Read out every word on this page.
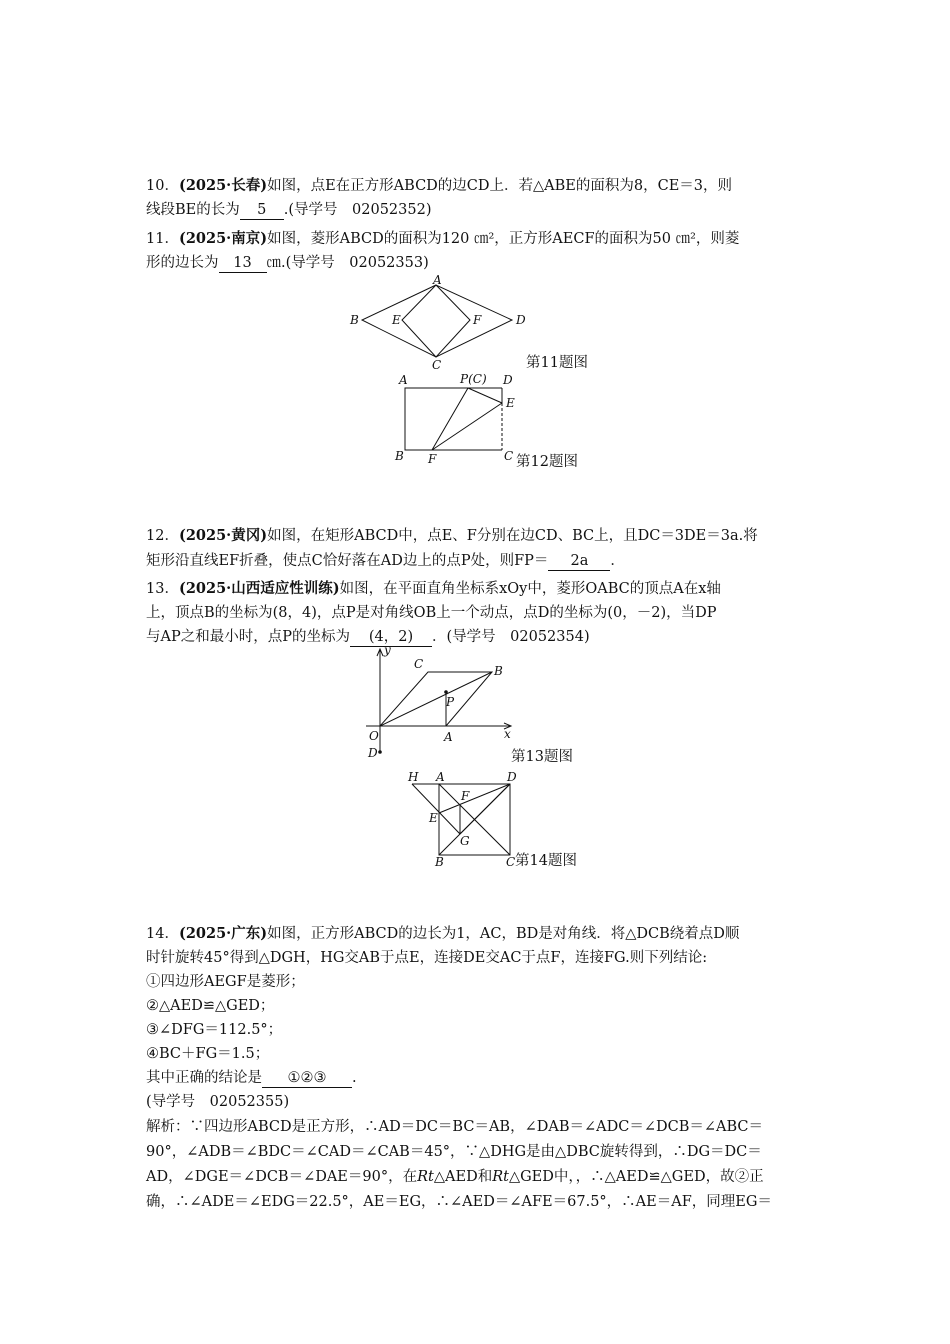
10．(2025·长春)如图，点E在正方形ABCD的边CD上．若△ABE的面积为8，CE＝3，则
线段BE的长为 5 .(导学号　02052352)
11．(2025·南京)如图，菱形ABCD的面积为120 ㎝²，正方形AECF的面积为50 ㎝²，则菱
形的边长为 13 ㎝.(导学号　02052353)
A
B	E	F	D
C	第11题图
A	P(C) D
E
B F	C 第12题图
12．(2025·黄冈)如图，在矩形ABCD中，点E、F分别在边CD、BC上，且DC＝3DE＝3a.将
矩形沿直线EF折叠，使点C恰好落在AD边上的点P处，则FP＝ 2a ．
13．(2025·山西适应性训练)如图，在平面直角坐标系xOy中，菱形OABC的顶点A在x轴
上，顶点B的坐标为(8，4)，点P是对角线OB上一个动点，点D的坐标为(0，－2)，当DP
与AP之和最小时，点P的坐标为 (4，2) ．(导学号　02052354)
y
C	B
P
O	A	x
D	第13题图
H A	D
F
E
G
B	C 第14题图
14．(2025·广东)如图，正方形ABCD的边长为1，AC，BD是对角线．将△DCB绕着点D顺
时针旋转45°得到△DGH，HG交AB于点E，连接DE交AC于点F，连接FG.则下列结论:
①四边形AEGF是菱形；
②△AED≌△GED；
③∠DFG＝112.5°；
④BC＋FG＝1.5；
其中正确的结论是 ①②③ .
(导学号　02052355)
解析：∵四边形ABCD是正方形，∴AD＝DC＝BC＝AB，∠DAB＝∠ADC＝∠DCB＝∠ABC＝
90°，∠ADB＝∠BDC＝∠CAD＝∠CAB＝45°，∵△DHG是由△DBC旋转得到，∴DG＝DC＝
AD，∠DGE＝∠DCB＝∠DAE＝90°，在Rt△AED和Rt△GED中，，∴△AED≌△GED，故②正
确，∴∠ADE＝∠EDG＝22.5°，AE＝EG，∴∠AED＝∠AFE＝67.5°，∴AE＝AF，同理EG＝
